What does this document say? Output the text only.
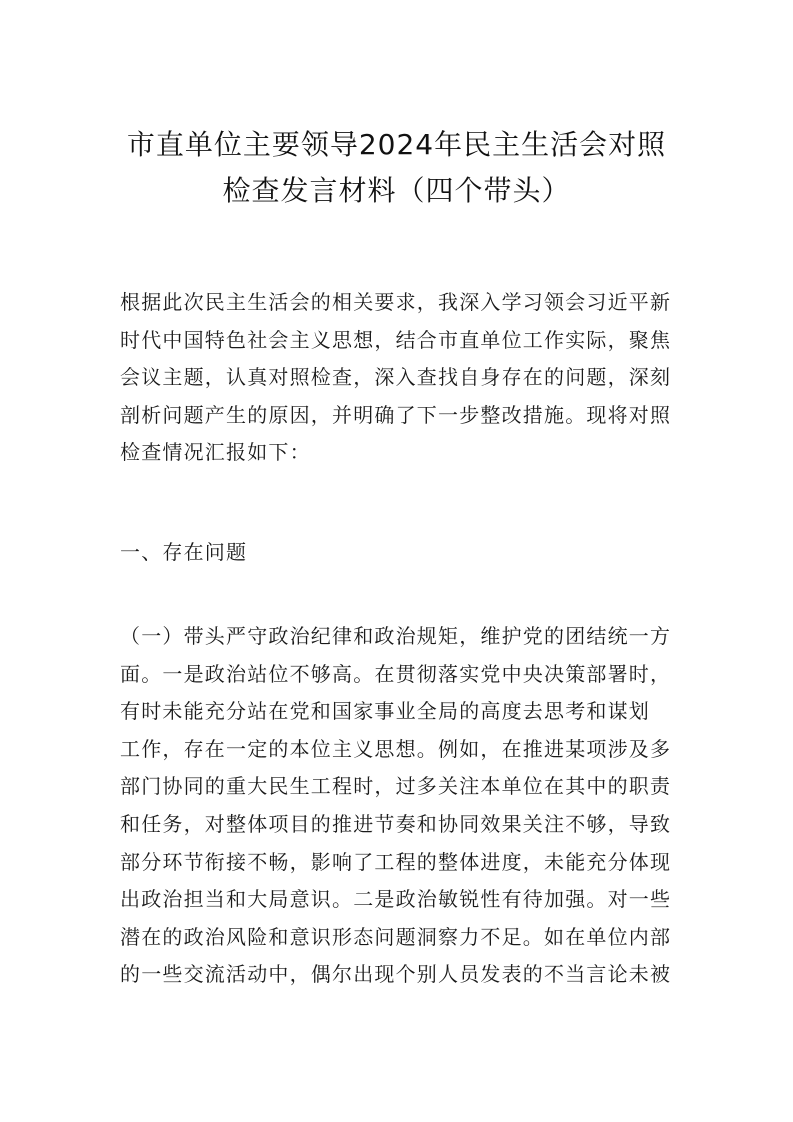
市直单位主要领导2024年民主生活会对照
检查发言材料（四个带头）
根据此次民主生活会的相关要求，我深入学习领会习近平新
时代中国特色社会主义思想，结合市直单位工作实际，聚焦
会议主题，认真对照检查，深入查找自身存在的问题，深刻
剖析问题产生的原因，并明确了下一步整改措施。现将对照
检查情况汇报如下：
一、存在问题
（一）带头严守政治纪律和政治规矩，维护党的团结统一方
面。一是政治站位不够高。在贯彻落实党中央决策部署时，
有时未能充分站在党和国家事业全局的高度去思考和谋划
工作，存在一定的本位主义思想。例如，在推进某项涉及多
部门协同的重大民生工程时，过多关注本单位在其中的职责
和任务，对整体项目的推进节奏和协同效果关注不够，导致
部分环节衔接不畅，影响了工程的整体进度，未能充分体现
出政治担当和大局意识。二是政治敏锐性有待加强。对一些
潜在的政治风险和意识形态问题洞察力不足。如在单位内部
的一些交流活动中，偶尔出现个别人员发表的不当言论未被
